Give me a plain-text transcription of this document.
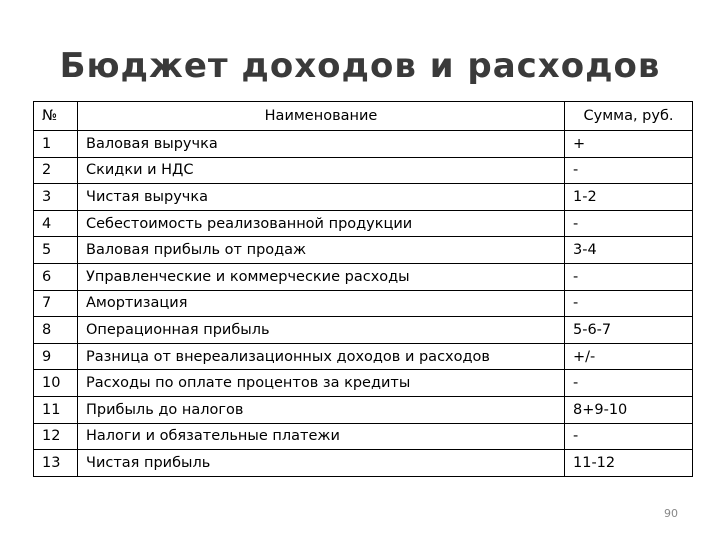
Бюджет доходов и расходов
№	Наименование	Сумма, руб.
1	Валовая выручка	+
2	Скидки и НДС	-
3	Чистая выручка	1-2
4	Себестоимость реализованной продукции	-
5	Валовая прибыль от продаж	3-4
6	Управленческие и коммерческие расходы	-
7	Амортизация	-
8	Операционная прибыль	5-6-7
9	Разница от внереализационных доходов и расходов	+/-
10	Расходы по оплате процентов за кредиты	-
11	Прибыль до налогов	8+9-10
12	Налоги и обязательные платежи	-
13	Чистая прибыль	11-12
90
